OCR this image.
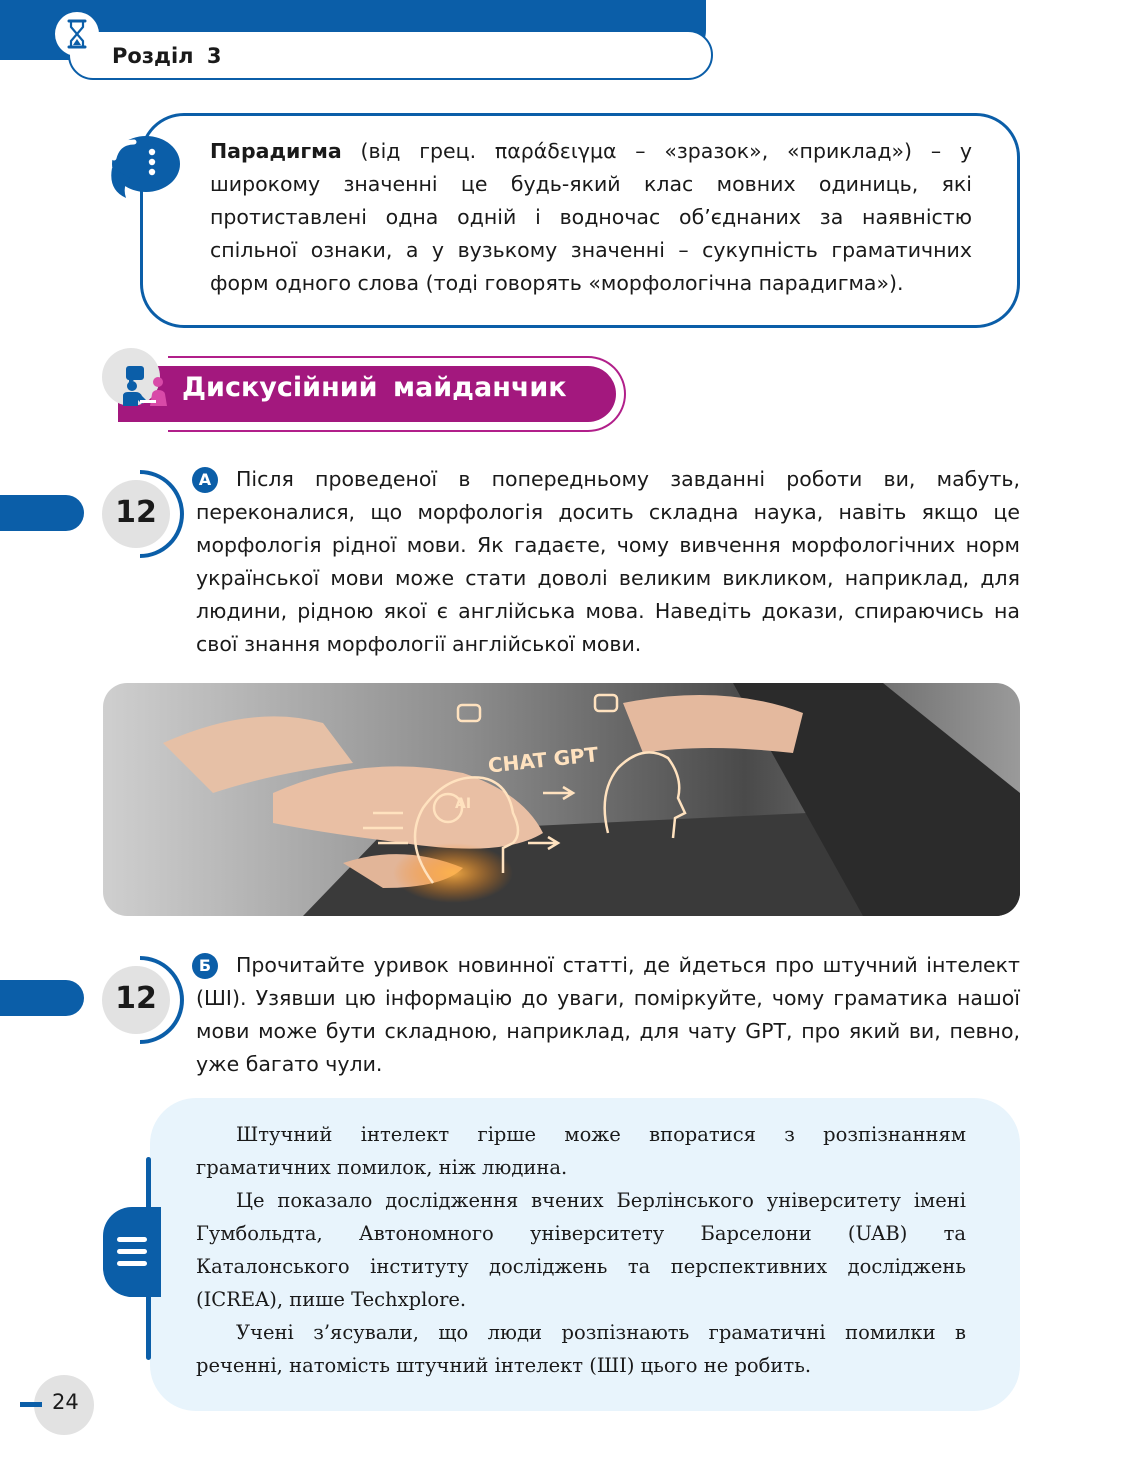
Розділ 3
Парадигма (від грец. παράδειγμα – «зразок», «приклад») – у широкому значенні це будь-який клас мовних одиниць, які протиставлені одна одній і водночас об’єднаних за наявністю спільної ознаки, а у вузькому значенні – сукупність граматичних форм одного слова (тоді говорять «морфологічна парадигма»).
Дискусійний майданчик
12
А	Після проведеної в попередньому завданні роботи ви, мабуть, переконалися, що морфологія досить складна наука, навіть якщо це морфологія рідної мови. Як гадаєте, чому вивчення морфологічних норм української мови може стати доволі великим викликом, наприклад, для людини, рідною якої є англійська мова. Наведіть докази, спираючись на свої знання морфології англійської мови.
CHAT GPT
AI
12
Б	Прочитайте уривок новинної статті, де йдеться про штучний інтелект (ШІ). Узявши цю інформацію до уваги, поміркуйте, чому граматика нашої мови може бути складною, наприклад, для чату GPT, про який ви, певно, уже багато чули.

Штучний інтелект гірше може впоратися з розпізнанням граматичних помилок, ніж людина.

Це показало дослідження вчених Берлінського університету імені Гумбольдта, Автономного університету Барселони (UAB) та Каталонського інституту досліджень та перспективних досліджень (ICREA), пише Techxplore.

Учені з’ясували, що люди розпізнають граматичні помилки в реченні, натомість штучний інтелект (ШІ) цього не робить.

24
